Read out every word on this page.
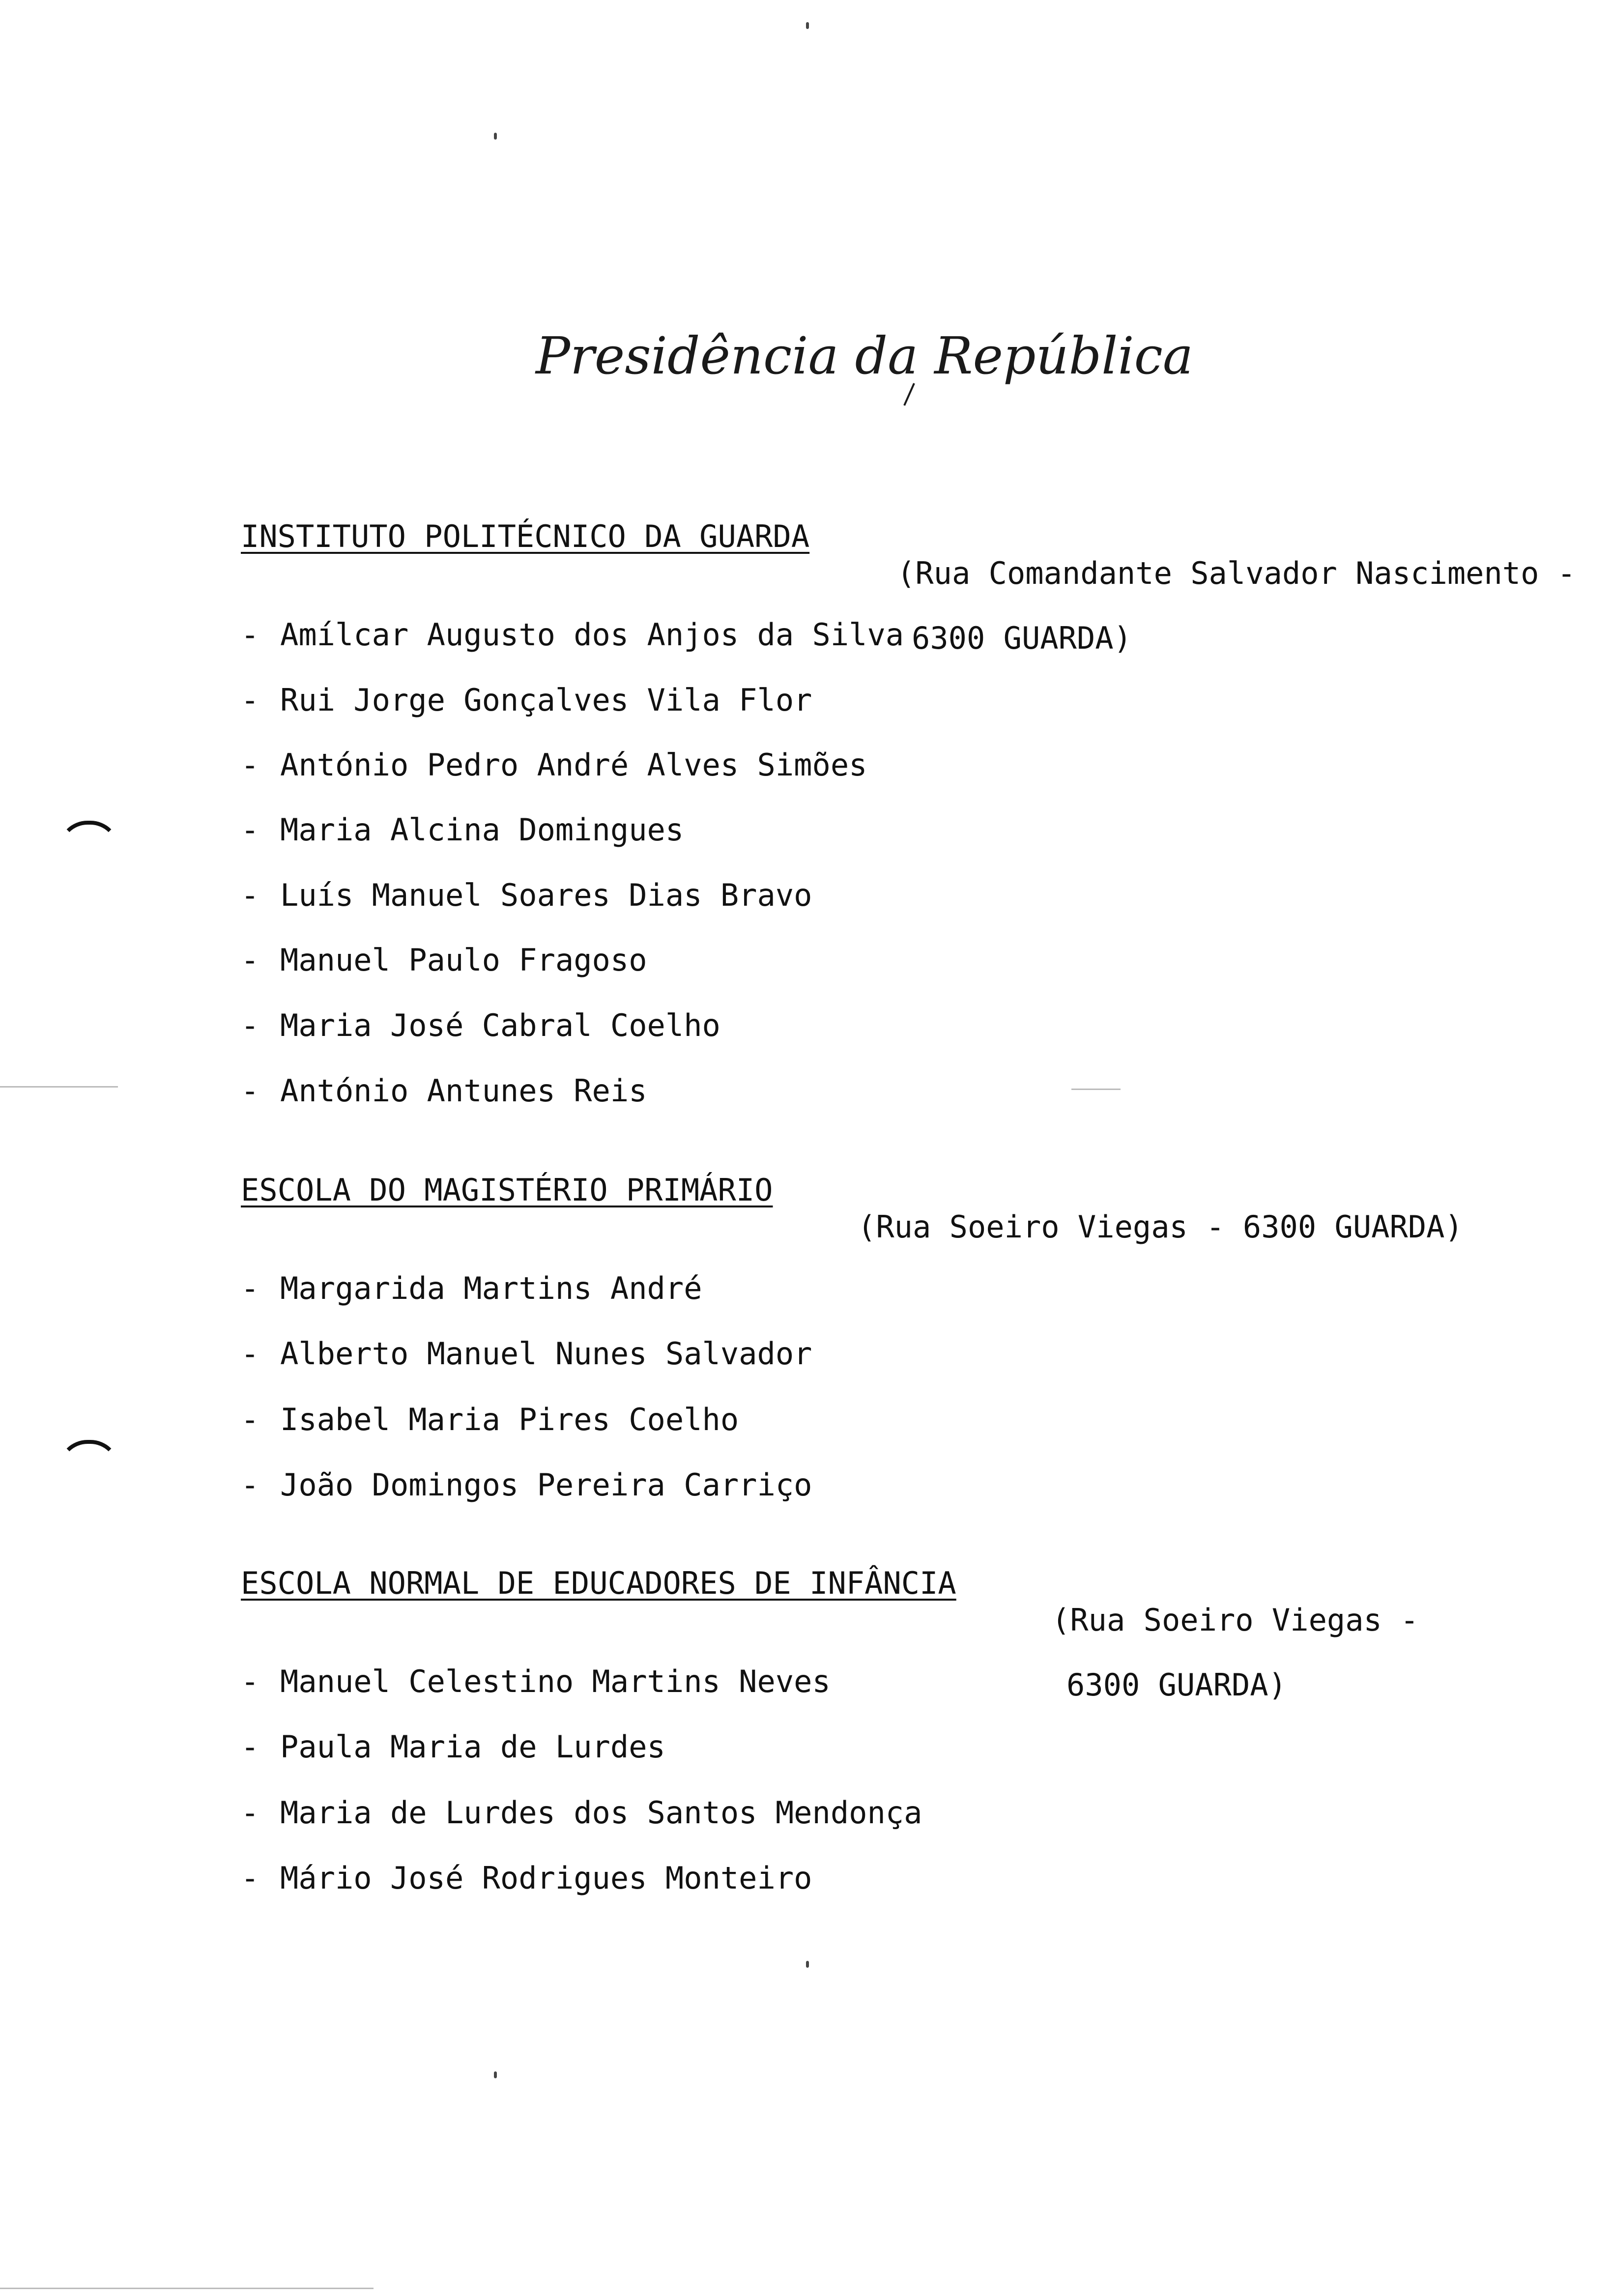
Presidência da República
INSTITUTO POLITÉCNICO DA GUARDA

(Rua Comandante Salvador Nascimento -

6300 GUARDA)

- Amílcar Augusto dos Anjos da Silva
- Rui Jorge Gonçalves Vila Flor
- António Pedro André Alves Simões
- Maria Alcina Domingues
- Luís Manuel Soares Dias Bravo
- Manuel Paulo Fragoso
- Maria José Cabral Coelho
- António Antunes Reis
ESCOLA DO MAGISTÉRIO PRIMÁRIO

(Rua Soeiro Viegas - 6300 GUARDA)

- Margarida Martins André
- Alberto Manuel Nunes Salvador
- Isabel Maria Pires Coelho
- João Domingos Pereira Carriço
ESCOLA NORMAL DE EDUCADORES DE INFÂNCIA

(Rua Soeiro Viegas -

6300 GUARDA)

- Manuel Celestino Martins Neves
- Paula Maria de Lurdes
- Maria de Lurdes dos Santos Mendonça
- Mário José Rodrigues Monteiro
